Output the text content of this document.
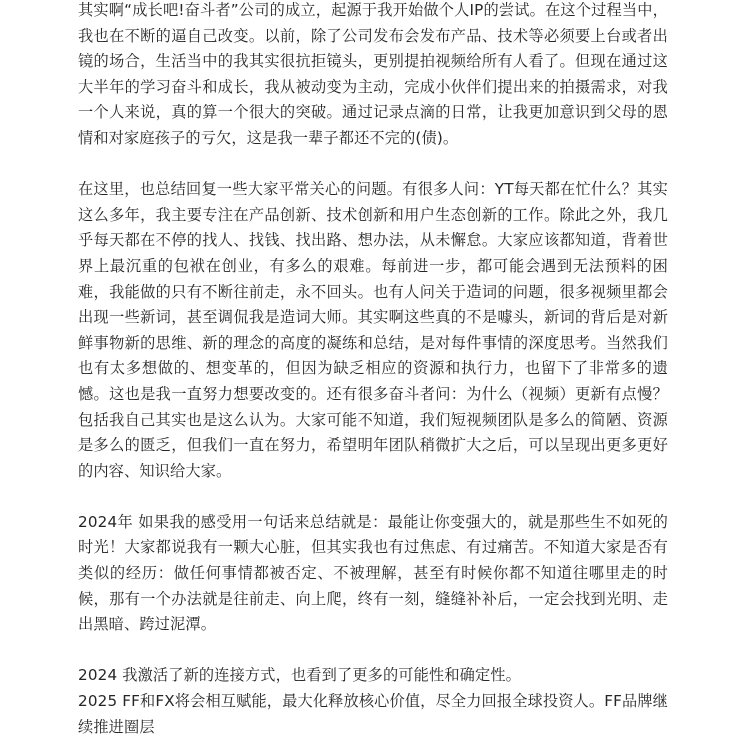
其实啊“成长吧!奋斗者”公司的成立，起源于我开始做个人IP的尝试。在这个过程当中，我也在不断的逼自己改变。以前，除了公司发布会发布产品、技术等必须要上台或者出镜的场合，生活当中的我其实很抗拒镜头，更别提拍视频给所有人看了。但现在通过这大半年的学习奋斗和成长，我从被动变为主动，完成小伙伴们提出来的拍摄需求，对我一个人来说，真的算一个很大的突破。通过记录点滴的日常，让我更加意识到父母的恩情和对家庭孩子的亏欠，这是我一辈子都还不完的(债)。

在这里，也总结回复一些大家平常关心的问题。有很多人问：YT每天都在忙什么？其实这么多年，我主要专注在产品创新、技术创新和用户生态创新的工作。除此之外，我几乎每天都在不停的找人、找钱、找出路、想办法，从未懈怠。大家应该都知道，背着世界上最沉重的包袱在创业，有多么的艰难。每前进一步，都可能会遇到无法预料的困难，我能做的只有不断往前走，永不回头。也有人问关于造词的问题，很多视频里都会出现一些新词，甚至调侃我是造词大师。其实啊这些真的不是噱头，新词的背后是对新鲜事物新的思维、新的理念的高度的凝练和总结，是对每件事情的深度思考。当然我们也有太多想做的、想变革的，但因为缺乏相应的资源和执行力，也留下了非常多的遗憾。这也是我一直努力想要改变的。还有很多奋斗者问：为什么（视频）更新有点慢？包括我自己其实也是这么认为。大家可能不知道，我们短视频团队是多么的简陋、资源是多么的匮乏，但我们一直在努力，希望明年团队稍微扩大之后，可以呈现出更多更好的内容、知识给大家。

2024年 如果我的感受用一句话来总结就是：最能让你变强大的，就是那些生不如死的时光！大家都说我有一颗大心脏，但其实我也有过焦虑、有过痛苦。不知道大家是否有类似的经历：做任何事情都被否定、不被理解，甚至有时候你都不知道往哪里走的时候，那有一个办法就是往前走、向上爬，终有一刻，缝缝补补后，一定会找到光明、走出黑暗、跨过泥潭。

2024 我激活了新的连接方式，也看到了更多的可能性和确定性。

2025 FF和FX将会相互赋能，最大化释放核心价值，尽全力回报全球投资人。FF品牌继续推进圈层
